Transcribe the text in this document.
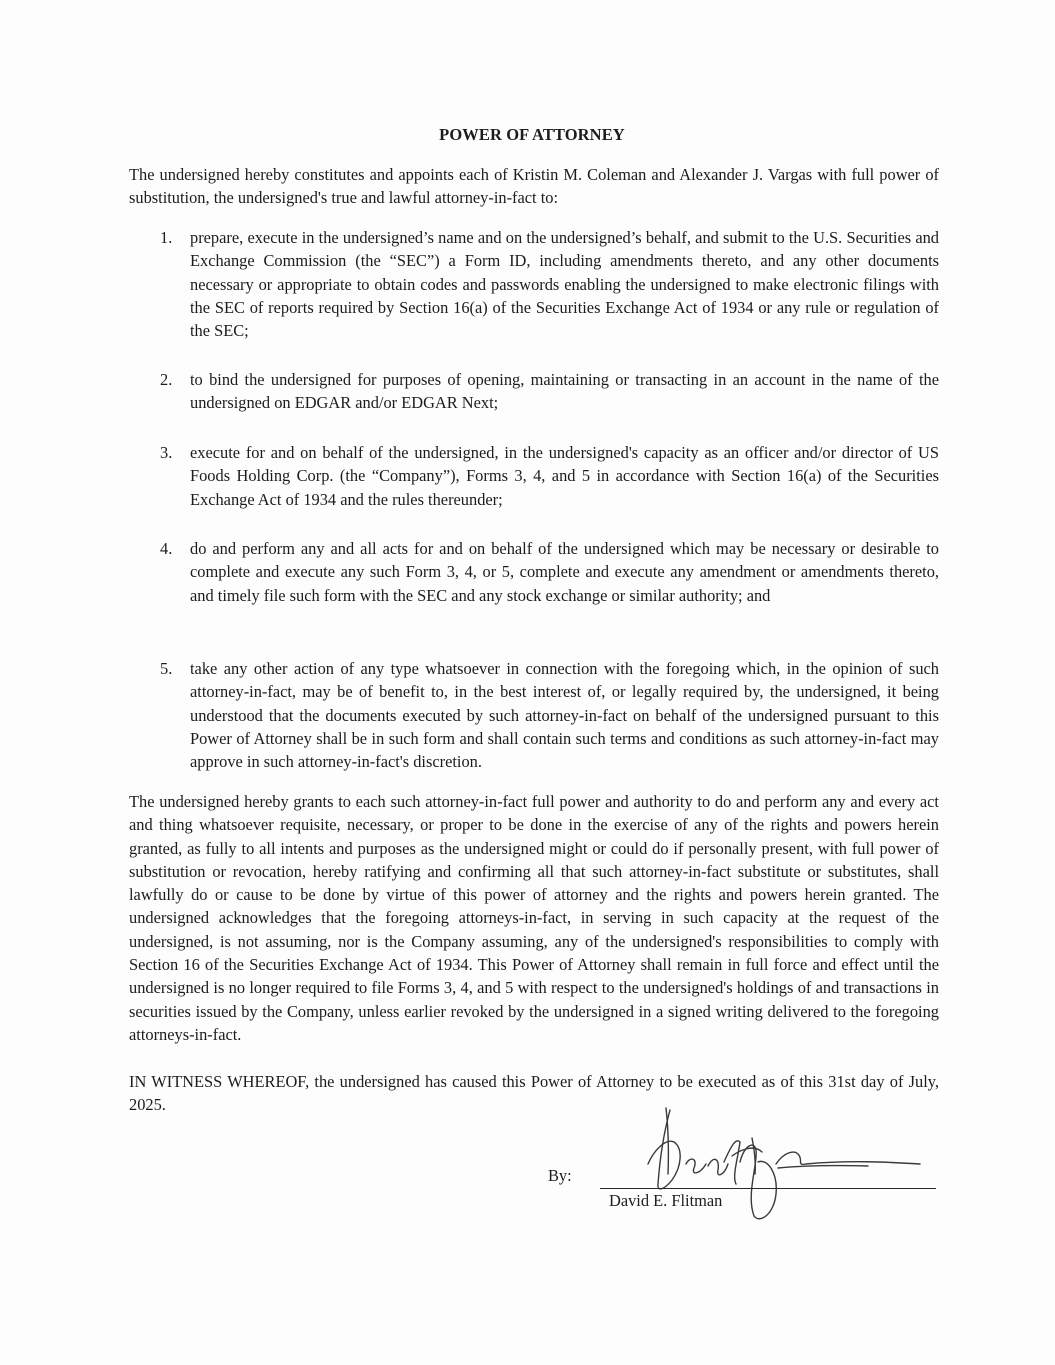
POWER OF ATTORNEY

The undersigned hereby constitutes and appoints each of Kristin M. Coleman and Alexander J. Vargas with full power of substitution, the undersigned's true and lawful attorney-in-fact to:

1.	prepare, execute in the undersigned’s name and on the undersigned’s behalf, and submit to the U.S. Securities and Exchange Commission (the “SEC”) a Form ID, including amendments thereto, and any other documents necessary or appropriate to obtain codes and passwords enabling the undersigned to make electronic filings with the SEC of reports required by Section 16(a) of the Securities Exchange Act of 1934 or any rule or regulation of the SEC;

2.	to bind the undersigned for purposes of opening, maintaining or transacting in an account in the name of the undersigned on EDGAR and/or EDGAR Next;

3.	execute for and on behalf of the undersigned, in the undersigned's capacity as an officer and/or director of US Foods Holding Corp. (the “Company”), Forms 3, 4, and 5 in accordance with Section 16(a) of the Securities Exchange Act of 1934 and the rules thereunder;

4.	do and perform any and all acts for and on behalf of the undersigned which may be necessary or desirable to complete and execute any such Form 3, 4, or 5, complete and execute any amendment or amendments thereto, and timely file such form with the SEC and any stock exchange or similar authority; and

5.	take any other action of any type whatsoever in connection with the foregoing which, in the opinion of such attorney-in-fact, may be of benefit to, in the best interest of, or legally required by, the undersigned, it being understood that the documents executed by such attorney-in-fact on behalf of the undersigned pursuant to this Power of Attorney shall be in such form and shall contain such terms and conditions as such attorney-in-fact may approve in such attorney-in-fact's discretion.

The undersigned hereby grants to each such attorney-in-fact full power and authority to do and perform any and every act and thing whatsoever requisite, necessary, or proper to be done in the exercise of any of the rights and powers herein granted, as fully to all intents and purposes as the undersigned might or could do if personally present, with full power of substitution or revocation, hereby ratifying and confirming all that such attorney-in-fact substitute or substitutes, shall lawfully do or cause to be done by virtue of this power of attorney and the rights and powers herein granted. The undersigned acknowledges that the foregoing attorneys-in-fact, in serving in such capacity at the request of the undersigned, is not assuming, nor is the Company assuming, any of the undersigned's responsibilities to comply with Section 16 of the Securities Exchange Act of 1934. This Power of Attorney shall remain in full force and effect until the undersigned is no longer required to file Forms 3, 4, and 5 with respect to the undersigned's holdings of and transactions in securities issued by the Company, unless earlier revoked by the undersigned in a signed writing delivered to the foregoing attorneys-in-fact.

IN WITNESS WHEREOF, the undersigned has caused this Power of Attorney to be executed as of this 31st day of July, 2025.

By:
David E. Flitman
